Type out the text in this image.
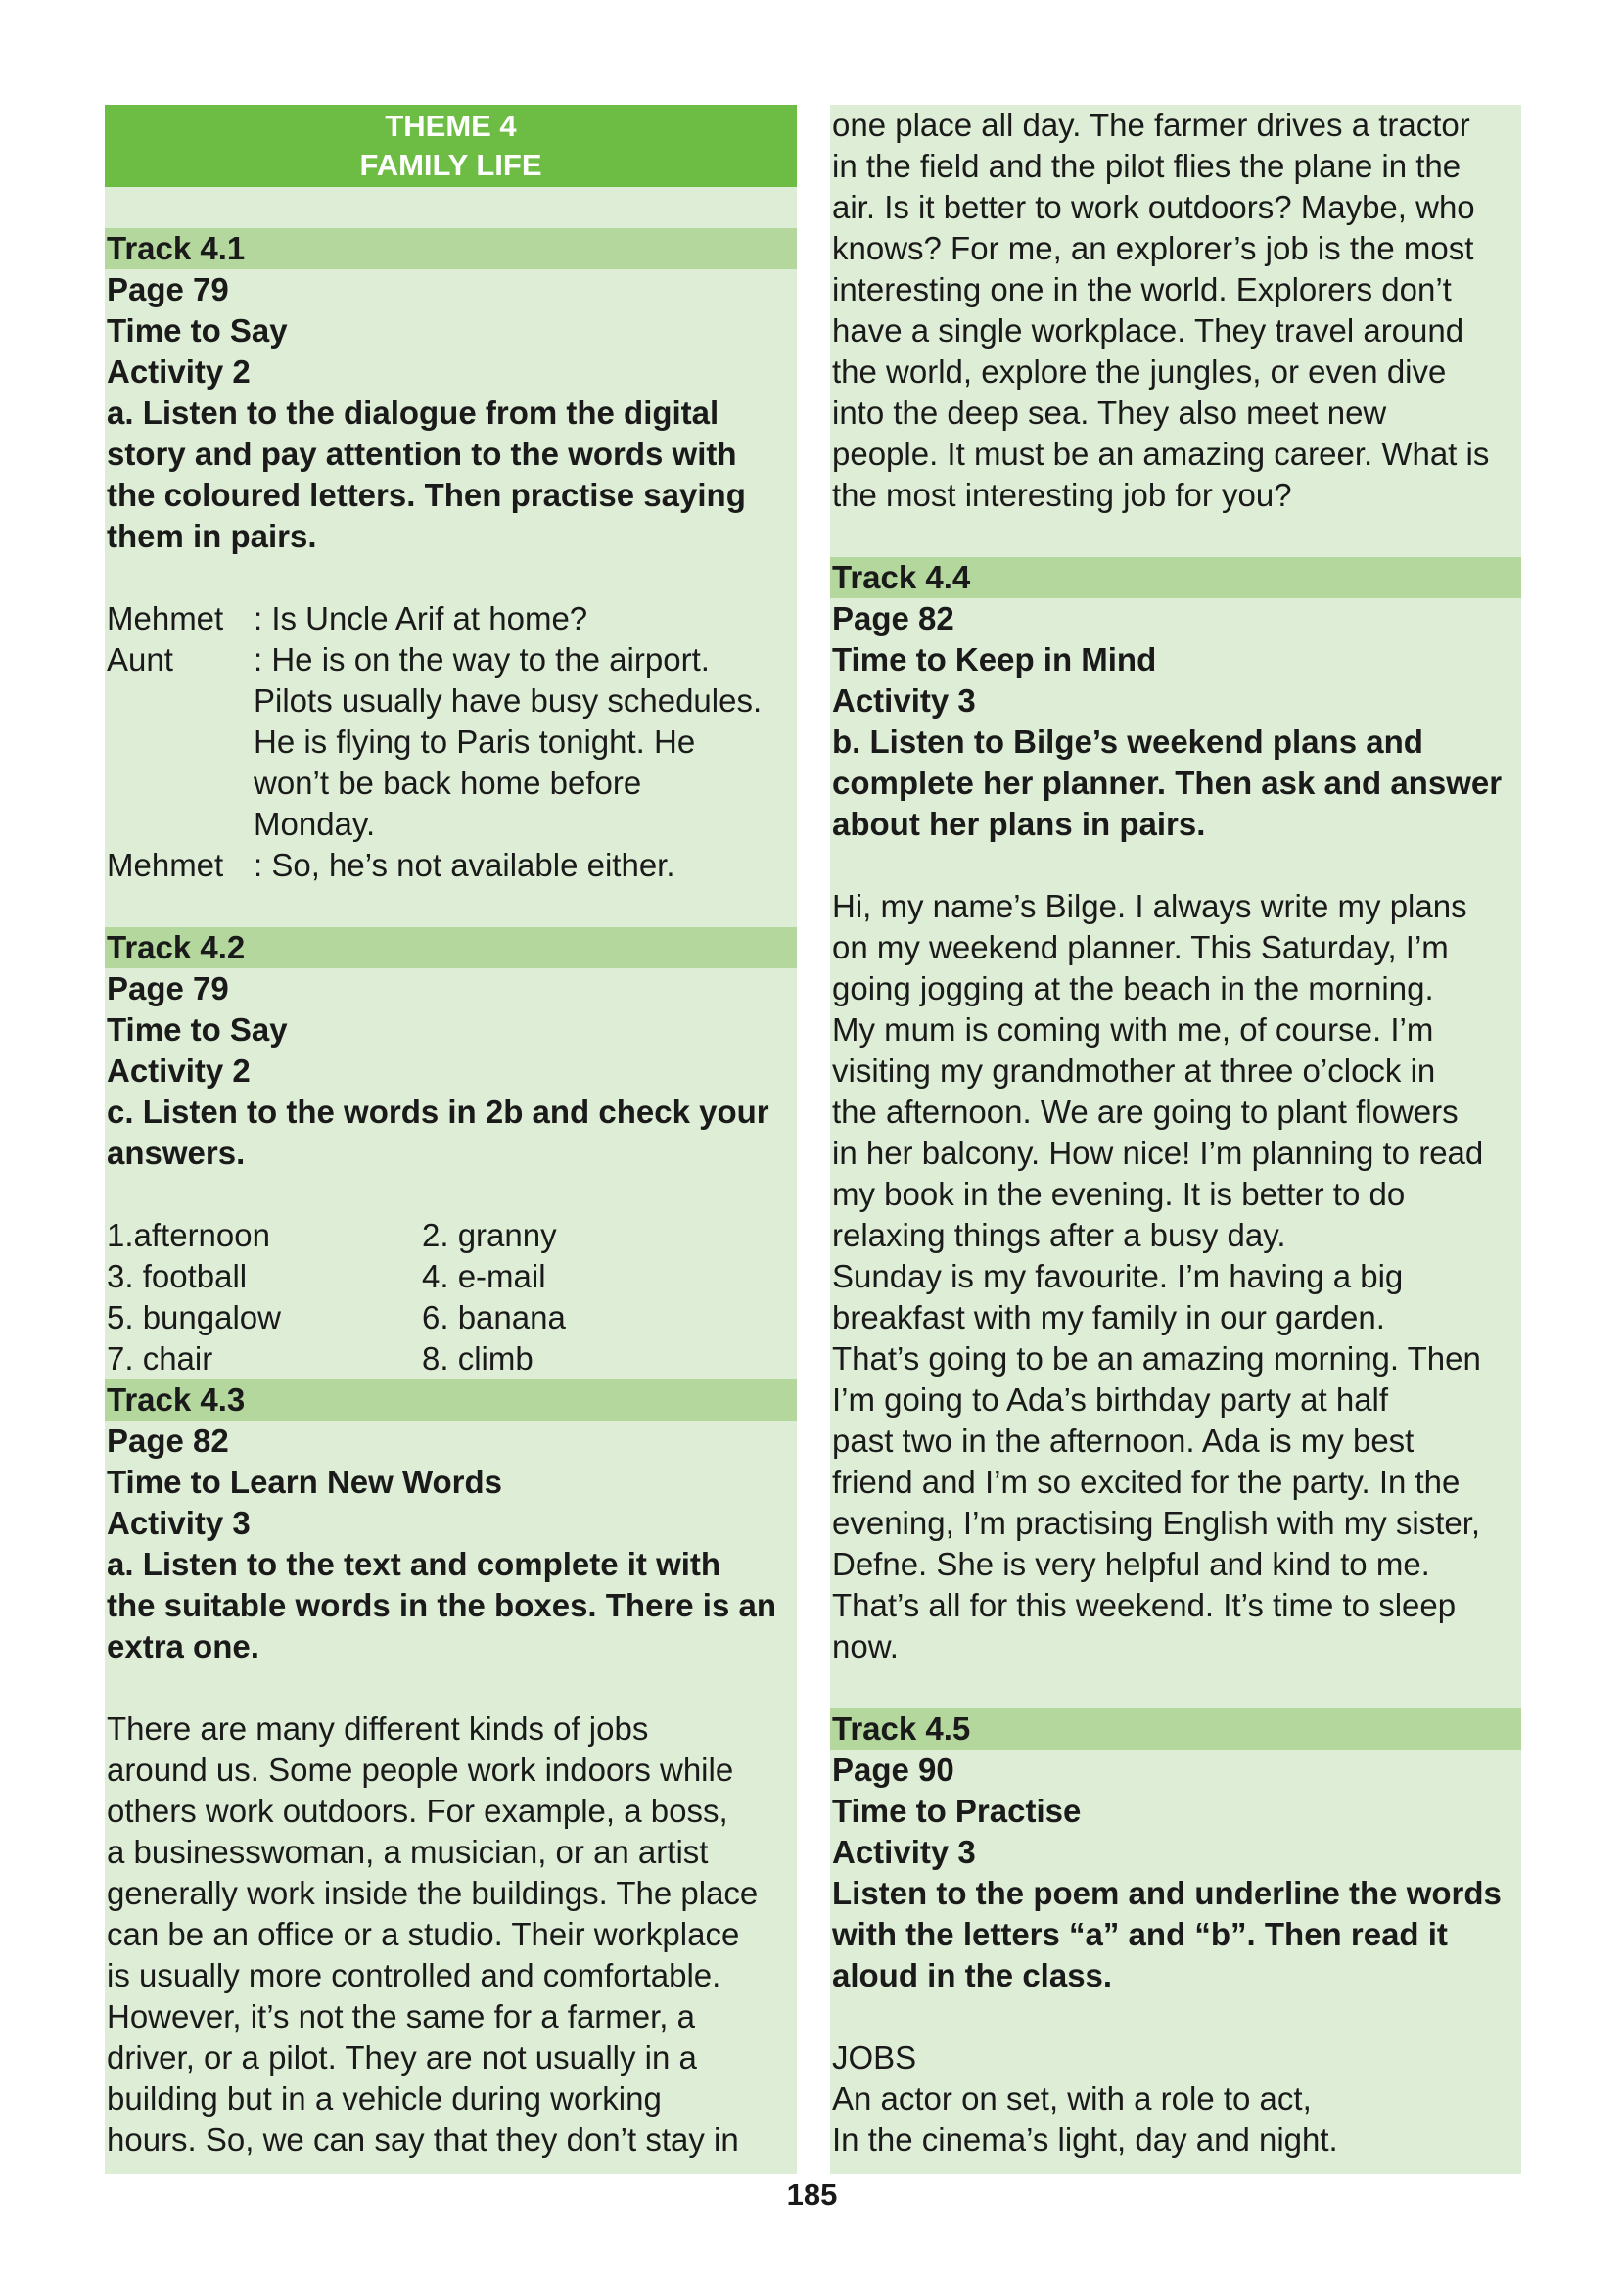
THEME 4
FAMILY LIFE
Track 4.1
Page 79
Time to Say
Activity 2
a. Listen to the dialogue from the digital
story and pay attention to the words with
the coloured letters. Then practise saying
them in pairs.
Mehmet : Is Uncle Arif at home?
Aunt	: He is on the way to the airport.
Pilots usually have busy schedules.
He is flying to Paris tonight. He
won’t be back home before
Monday.
Mehmet : So, he’s not available either.
Track 4.2
Page 79
Time to Say
Activity 2
c. Listen to the words in 2b and check your
answers.
1.afternoon	2. granny
3. football	4. e-mail
5. bungalow	6. banana
7. chair	8. climb
Track 4.3
Page 82
Time to Learn New Words
Activity 3
a. Listen to the text and complete it with
the suitable words in the boxes. There is an
extra one.
There are many different kinds of jobs
around us. Some people work indoors while
others work outdoors. For example, a boss,
a businesswoman, a musician, or an artist
generally work inside the buildings. The place
can be an office or a studio. Their workplace
is usually more controlled and comfortable.
However, it’s not the same for a farmer, a
driver, or a pilot. They are not usually in a
building but in a vehicle during working
hours. So, we can say that they don’t stay in
one place all day. The farmer drives a tractor
in the field and the pilot flies the plane in the
air. Is it better to work outdoors? Maybe, who
knows? For me, an explorer’s job is the most
interesting one in the world. Explorers don’t
have a single workplace. They travel around
the world, explore the jungles, or even dive
into the deep sea. They also meet new
people. It must be an amazing career. What is
the most interesting job for you?
Track 4.4
Page 82
Time to Keep in Mind
Activity 3
b. Listen to Bilge’s weekend plans and
complete her planner. Then ask and answer
about her plans in pairs.
Hi, my name’s Bilge. I always write my plans
on my weekend planner. This Saturday, I’m
going jogging at the beach in the morning.
My mum is coming with me, of course. I’m
visiting my grandmother at three o’clock in
the afternoon. We are going to plant flowers
in her balcony. How nice! I’m planning to read
my book in the evening. It is better to do
relaxing things after a busy day.
Sunday is my favourite. I’m having a big
breakfast with my family in our garden.
That’s going to be an amazing morning. Then
I’m going to Ada’s birthday party at half
past two in the afternoon. Ada is my best
friend and I’m so excited for the party. In the
evening, I’m practising English with my sister,
Defne. She is very helpful and kind to me.
That’s all for this weekend. It’s time to sleep
now.
Track 4.5
Page 90
Time to Practise
Activity 3
Listen to the poem and underline the words
with the letters “a” and “b”. Then read it
aloud in the class.
JOBS
An actor on set, with a role to act,
In the cinema’s light, day and night.
185
